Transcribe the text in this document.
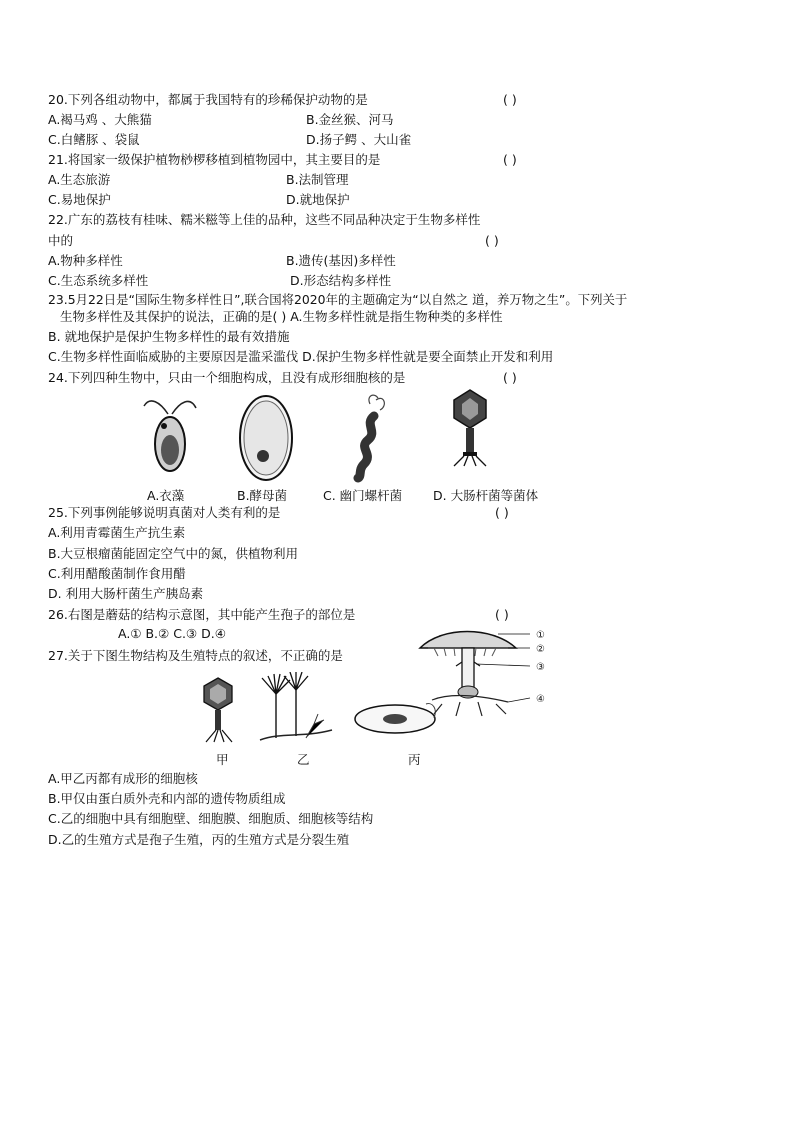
20.下列各组动物中，都属于我国特有的珍稀保护动物的是	( )
A.褐马鸡 、大熊猫	B.金丝猴、河马
C.白鳍豚 、袋鼠	D.扬子鳄 、大山雀
21.将国家一级保护植物桫椤移植到植物园中，其主要目的是	( )
A.生态旅游	B.法制管理
C.易地保护	D.就地保护
22.广东的荔枝有桂味、糯米糍等上佳的品种，这些不同品种决定于生物多样性
中的	( )
A.物种多样性	B.遗传(基因)多样性
C.生态系统多样性	D.形态结构多样性
23.5月22日是“国际生物多样性日”,联合国将2020年的主题确定为“以自然之 道，养万物之生”。下列关于
生物多样性及其保护的说法，正确的是( ) A.生物多样性就是指生物种类的多样性
B. 就地保护是保护生物多样性的最有效措施
C.生物多样性面临威胁的主要原因是滥采滥伐 D.保护生物多样性就是要全面禁止开发和利用
24.下列四种生物中，只由一个细胞构成，且没有成形细胞核的是	( )
A.衣藻	B.酵母菌	C. 幽门螺杆菌 D. 大肠杆菌等菌体
25.下列事例能够说明真菌对人类有利的是	( )
A.利用青霉菌生产抗生素
B.大豆根瘤菌能固定空气中的氮，供植物利用
C.利用醋酸菌制作食用醋
D. 利用大肠杆菌生产胰岛素
26.右图是蘑菇的结构示意图，其中能产生孢子的部位是	( )
A.① B.② C.③ D.④	①
②
③
④
27.关于下图生物结构及生殖特点的叙述，不正确的是
甲	乙	丙
A.甲乙丙都有成形的细胞核
B.甲仅由蛋白质外壳和内部的遗传物质组成
C.乙的细胞中具有细胞壁、细胞膜、细胞质、细胞核等结构
D.乙的生殖方式是孢子生殖，丙的生殖方式是分裂生殖
